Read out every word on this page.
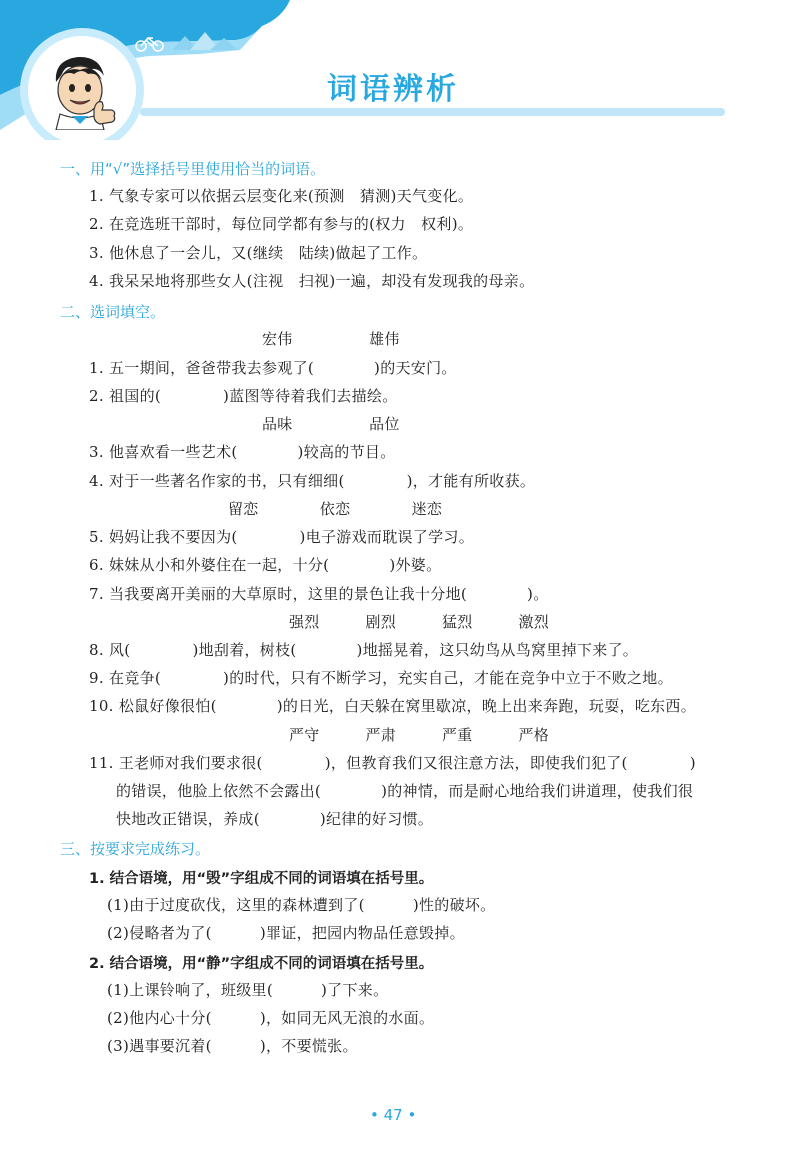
词语辨析
一、用“√”选择括号里使用恰当的词语。
1. 气象专家可以依据云层变化来(预测　猜测)天气变化。
2. 在竞选班干部时，每位同学都有参与的(权力　权利)。
3. 他休息了一会儿，又(继续　陆续)做起了工作。
4. 我呆呆地将那些女人(注视　扫视)一遍，却没有发现我的母亲。
二、选词填空。
宏伟　　　　　雄伟
1. 五一期间，爸爸带我去参观了(	)的天安门。
2. 祖国的(	)蓝图等待着我们去描绘。
品味　　　　　品位
3. 他喜欢看一些艺术(	)较高的节目。
4. 对于一些著名作家的书，只有细细(	)，才能有所收获。
留恋　　　　依恋　　　　迷恋
5. 妈妈让我不要因为(	)电子游戏而耽误了学习。
6. 妹妹从小和外婆住在一起，十分(	)外婆。
7. 当我要离开美丽的大草原时，这里的景色让我十分地(	)。
强烈　　　剧烈　　　猛烈　　　激烈
8. 风(	)地刮着，树枝(	)地摇晃着，这只幼鸟从鸟窝里掉下来了。
9. 在竞争(	)的时代，只有不断学习，充实自己，才能在竞争中立于不败之地。
10. 松鼠好像很怕(	)的日光，白天躲在窝里歇凉，晚上出来奔跑，玩耍，吃东西。
严守　　　严肃　　　严重　　　严格
11. 王老师对我们要求很(	)，但教育我们又很注意方法，即使我们犯了(	)
的错误，他脸上依然不会露出(	)的神情，而是耐心地给我们讲道理，使我们很
快地改正错误，养成(	)纪律的好习惯。
三、按要求完成练习。
1. 结合语境，用“毁”字组成不同的词语填在括号里。
(1)由于过度砍伐，这里的森林遭到了(	)性的破坏。
(2)侵略者为了(	)罪证，把园内物品任意毁掉。
2. 结合语境，用“静”字组成不同的词语填在括号里。
(1)上课铃响了，班级里(	)了下来。
(2)他内心十分(	)，如同无风无浪的水面。
(3)遇事要沉着(	)，不要慌张。
• 47 •
